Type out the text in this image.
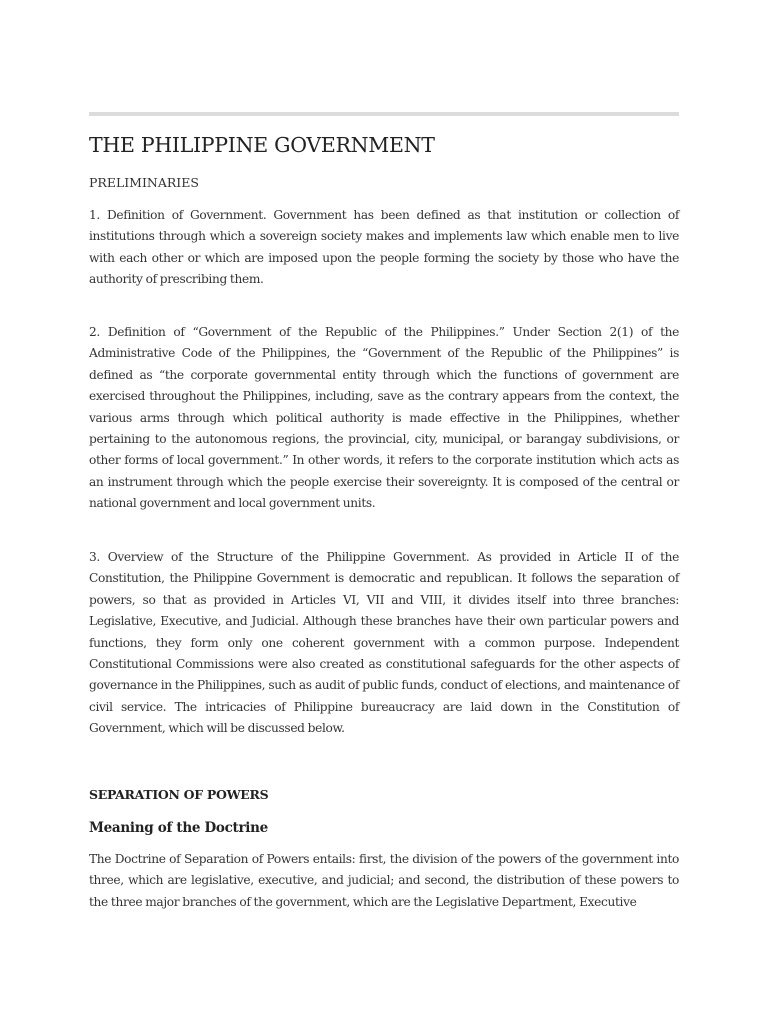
THE PHILIPPINE GOVERNMENT

PRELIMINARIES

1. Definition of Government. Government has been defined as that institution or collection of institutions through which a sovereign society makes and implements law which enable men to live with each other or which are imposed upon the people forming the society by those who have the authority of prescribing them.

2. Definition of “Government of the Republic of the Philippines.” Under Section 2(1) of the Administrative Code of the Philippines, the “Government of the Republic of the Philippines” is defined as “the corporate governmental entity through which the functions of government are exercised throughout the Philippines, including, save as the contrary appears from the context, the various arms through which political authority is made effective in the Philippines, whether pertaining to the autonomous regions, the provincial, city, municipal, or barangay subdivisions, or other forms of local government.” In other words, it refers to the corporate institution which acts as an instrument through which the people exercise their sovereignty. It is composed of the central or national government and local government units.

3. Overview of the Structure of the Philippine Government. As provided in Article II of the Constitution, the Philippine Government is democratic and republican. It follows the separation of powers, so that as provided in Articles VI, VII and VIII, it divides itself into three branches: Legislative, Executive, and Judicial. Although these branches have their own particular powers and functions, they form only one coherent government with a common purpose. Independent Constitutional Commissions were also created as constitutional safeguards for the other aspects of governance in the Philippines, such as audit of public funds, conduct of elections, and maintenance of civil service. The intricacies of Philippine bureaucracy are laid down in the Constitution of Government, which will be discussed below.

SEPARATION OF POWERS
Meaning of the Doctrine

The Doctrine of Separation of Powers entails: first, the division of the powers of the government into three, which are legislative, executive, and judicial; and second, the distribution of these powers to the three major branches of the government, which are the Legislative Department, Executive
